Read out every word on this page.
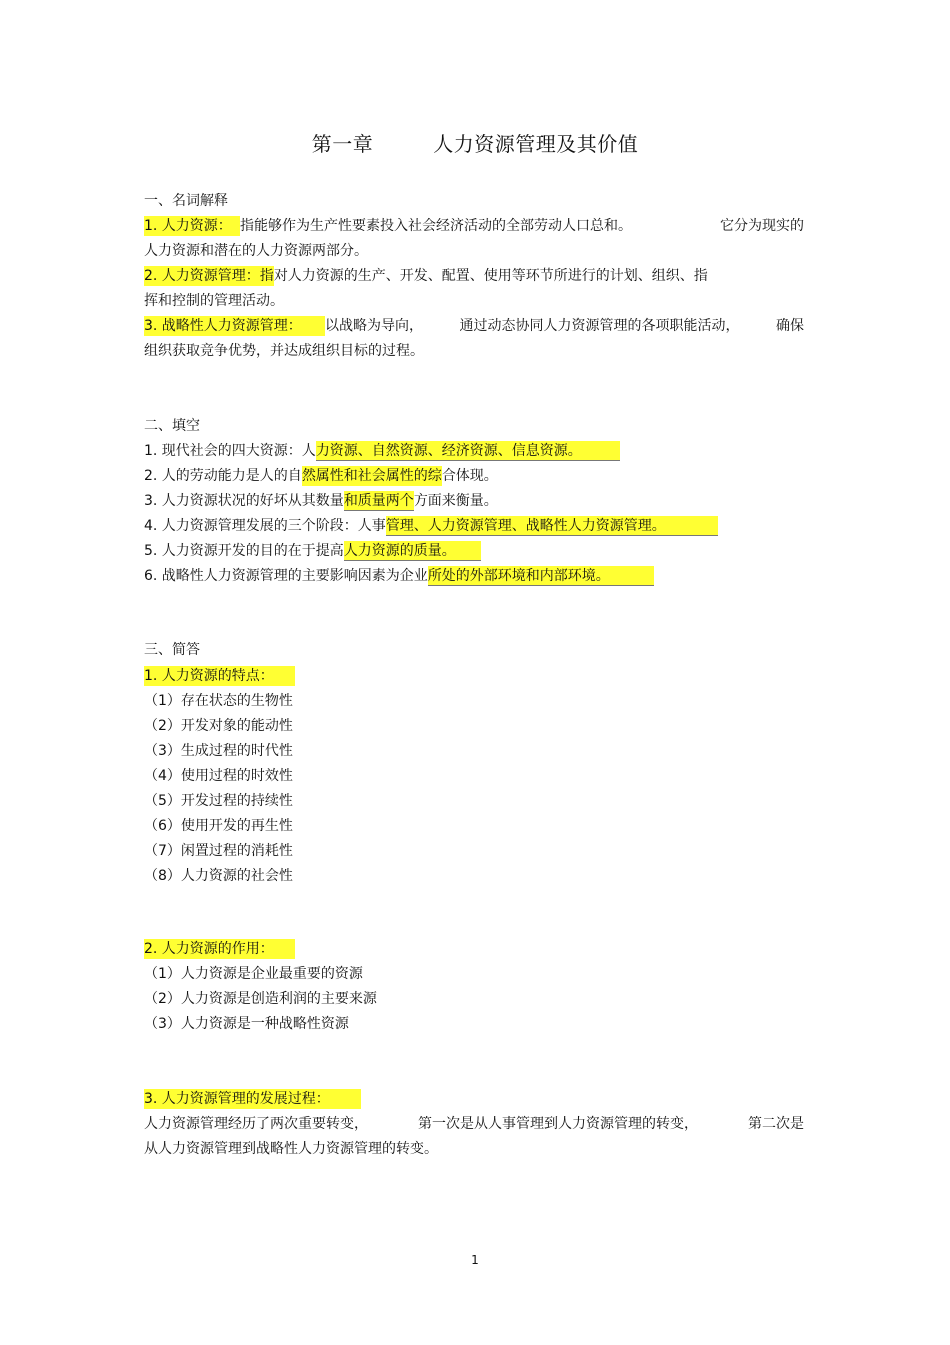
第一章	人力资源管理及其价值
一、名词解释
1. 人力资源： 指能够作为生产性要素投入社会经济活动的全部劳动人口总和。	它分为现实的
人力资源和潜在的人力资源两部分。
2. 人力资源管理：指对人力资源的生产、开发、配置、使用等环节所进行的计划、组织、指
挥和控制的管理活动。
3. 战略性人力资源管理： 以战略为导向，	通过动态协同人力资源管理的各项职能活动，	确保
组织获取竞争优势，并达成组织目标的过程。
二、填空
1. 现代社会的四大资源：人力资源、自然资源、经济资源、信息资源。
2. 人的劳动能力是人的自然属性和社会属性的综合体现。
3. 人力资源状况的好坏从其数量和质量两个方面来衡量。
4. 人力资源管理发展的三个阶段：人事管理、人力资源管理、战略性人力资源管理。
5. 人力资源开发的目的在于提高人力资源的质量。
6. 战略性人力资源管理的主要影响因素为企业所处的外部环境和内部环境。
三、简答
1. 人力资源的特点：
（1）存在状态的生物性
（2）开发对象的能动性
（3）生成过程的时代性
（4）使用过程的时效性
（5）开发过程的持续性
（6）使用开发的再生性
（7）闲置过程的消耗性
（8）人力资源的社会性
2. 人力资源的作用：
（1）人力资源是企业最重要的资源
（2）人力资源是创造利润的主要来源
（3）人力资源是一种战略性资源
3. 人力资源管理的发展过程：
人力资源管理经历了两次重要转变，	第一次是从人事管理到人力资源管理的转变，	第二次是
从人力资源管理到战略性人力资源管理的转变。
1
